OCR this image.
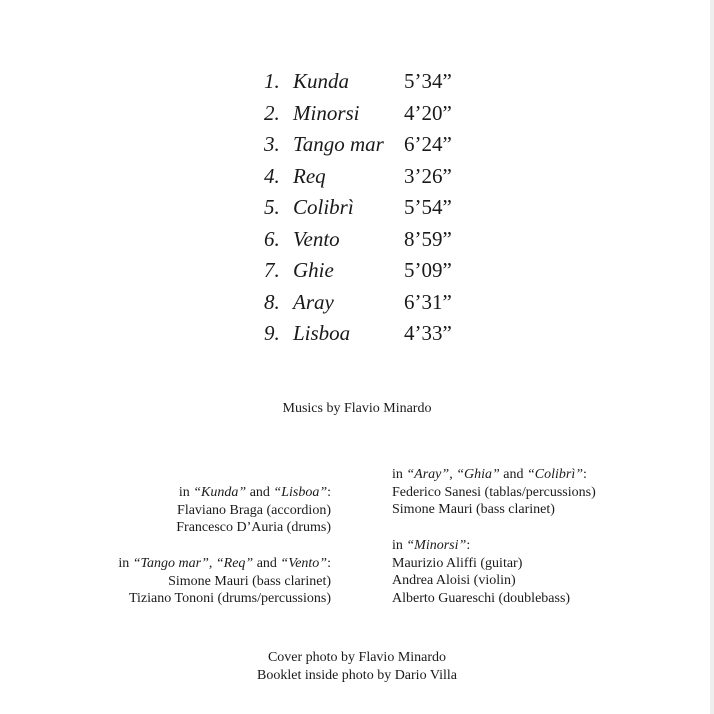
1. Kunda	5’34”
2. Minorsi 4’20”
3. Tango mar 6’24”
4. Req	3’26”
5. Colibrì 5’54”
6. Vento	8’59”
7. Ghie	5’09”
8. Aray	6’31”
9. Lisboa	4’33”
Musics by Flavio Minardo
in “Kunda” and “Lisboa”:
Flaviano Braga (accordion)
Francesco D’Auria (drums)
in “Tango mar”, “Req” and “Vento”:
Simone Mauri (bass clarinet)
Tiziano Tononi (drums/percussions)
in “Aray”, “Ghia” and “Colibrì”:
Federico Sanesi (tablas/percussions)
Simone Mauri (bass clarinet)
in “Minorsi”:
Maurizio Aliffi (guitar)
Andrea Aloisi (violin)
Alberto Guareschi (doublebass)
Cover photo by Flavio Minardo
Booklet inside photo by Dario Villa
